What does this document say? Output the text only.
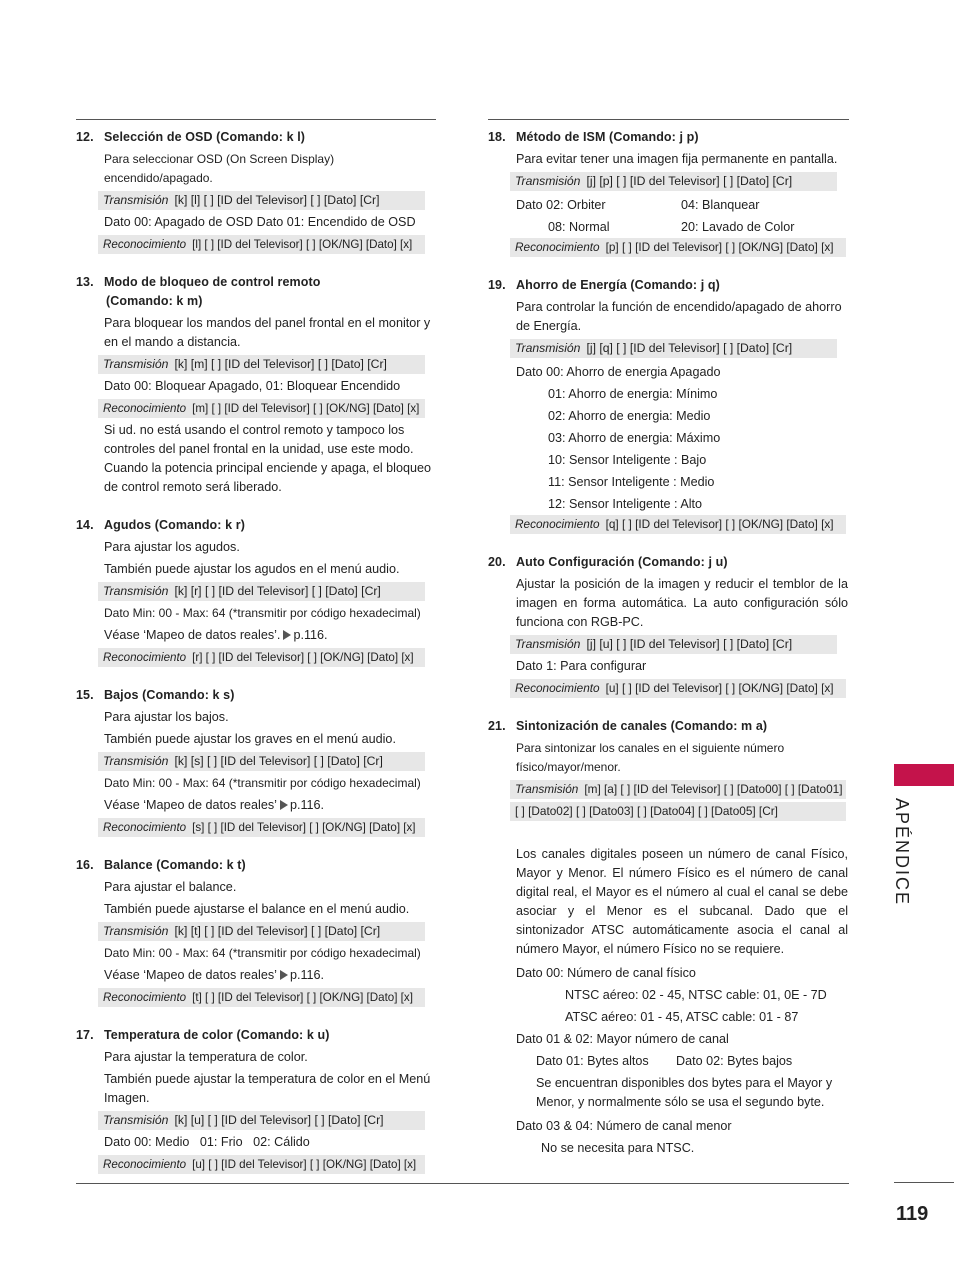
12. Selección de OSD (Comando: k l)
Para seleccionar OSD (On Screen Display) encendido/apagado.
Transmisión [k] [l] [ ] [ID del Televisor] [ ] [Dato] [Cr]
Dato 00: Apagado de OSD Dato 01: Encendido de OSD
Reconocimiento [l] [ ] [ID del Televisor] [ ] [OK/NG] [Dato] [x]
13. Modo de bloqueo de control remoto
(Comando: k m)
Para bloquear los mandos del panel frontal en el monitor y en el mando a distancia.
Transmisión [k] [m] [ ] [ID del Televisor] [ ] [Dato] [Cr]
Dato 00: Bloquear Apagado, 01: Bloquear Encendido
Reconocimiento [m] [ ] [ID del Televisor] [ ] [OK/NG] [Dato] [x]
Si ud. no está usando el control remoto y tampoco los controles del panel frontal en la unidad, use este modo. Cuando la potencia principal enciende y apaga, el bloqueo de control remoto será liberado.
14. Agudos (Comando: k r)
Para ajustar los agudos.
También puede ajustar los agudos en el menú audio.
Transmisión [k] [r] [ ] [ID del Televisor] [ ] [Dato] [Cr]
Dato Min: 00 - Max: 64 (*transmitir por código hexadecimal)
Véase ‘Mapeo de datos reales’. p.116.
Reconocimiento [r] [ ] [ID del Televisor] [ ] [OK/NG] [Dato] [x]
15. Bajos (Comando: k s)
Para ajustar los bajos.
También puede ajustar los graves en el menú audio.
Transmisión [k] [s] [ ] [ID del Televisor] [ ] [Dato] [Cr]
Dato Min: 00 - Max: 64 (*transmitir por código hexadecimal)
Véase ‘Mapeo de datos reales’ p.116.
Reconocimiento [s] [ ] [ID del Televisor] [ ] [OK/NG] [Dato] [x]
16. Balance (Comando: k t)
Para ajustar el balance.
También puede ajustarse el balance en el menú audio.
Transmisión [k] [t] [ ] [ID del Televisor] [ ] [Dato] [Cr]
Dato Min: 00 - Max: 64 (*transmitir por código hexadecimal)
Véase ‘Mapeo de datos reales’ p.116.
Reconocimiento [t] [ ] [ID del Televisor] [ ] [OK/NG] [Dato] [x]
17. Temperatura de color (Comando: k u)
Para ajustar la temperatura de color.
También puede ajustar la temperatura de color en el Menú Imagen.
Transmisión [k] [u] [ ] [ID del Televisor] [ ] [Dato] [Cr]
Dato 00: Medio   01: Frio   02: Cálido
Reconocimiento [u] [ ] [ID del Televisor] [ ] [OK/NG] [Dato] [x]
18. Método de ISM (Comando: j p)
Para evitar tener una imagen fija permanente en pantalla.
Transmisión [j] [p] [ ] [ID del Televisor] [ ] [Dato] [Cr]
Dato 02: Orbiter	04: Blanquear
08: Normal	20: Lavado de Color
Reconocimiento [p] [ ] [ID del Televisor] [ ] [OK/NG] [Dato] [x]
19. Ahorro de Energía (Comando: j q)
Para controlar la función de encendido/apagado de ahorro de Energía.
Transmisión [j] [q] [ ] [ID del Televisor] [ ] [Dato] [Cr]
Dato 00: Ahorro de energia Apagado
01: Ahorro de energia: Mínimo
02: Ahorro de energia: Medio
03: Ahorro de energia: Máximo
10: Sensor Inteligente : Bajo
11: Sensor Inteligente : Medio
12: Sensor Inteligente : Alto
Reconocimiento [q] [ ] [ID del Televisor] [ ] [OK/NG] [Dato] [x]
20. Auto Configuración (Comando: j u)
Ajustar la posición de la imagen y reducir el temblor de la imagen en forma automática. La auto configuración sólo funciona con RGB-PC.
Transmisión [j] [u] [ ] [ID del Televisor] [ ] [Dato] [Cr]
Dato 1: Para configurar
Reconocimiento [u] [ ] [ID del Televisor] [ ] [OK/NG] [Dato] [x]
21. Sintonización de canales (Comando: m a)
Para sintonizar los canales en el siguiente número físico/mayor/menor.
Transmisión [m] [a] [ ] [ID del Televisor] [ ] [Dato00] [ ] [Dato01]
[ ] [Dato02] [ ] [Dato03] [ ] [Dato04] [ ] [Dato05] [Cr]
Los canales digitales poseen un número de canal Físico, Mayor y Menor. El número Físico es el número de canal digital real, el Mayor es el número al cual el canal se debe asociar y el Menor es el subcanal. Dado que el sintonizador ATSC automáticamente asocia el canal al número Mayor, el número Físico no se requiere.
Dato 00: Número de canal físico
NTSC aéreo: 02 - 45, NTSC cable: 01, 0E - 7D
ATSC aéreo: 01 - 45, ATSC cable: 01 - 87
Dato 01 & 02: Mayor número de canal
Dato 01: Bytes altos Dato 02: Bytes bajos
Se encuentran disponibles dos bytes para el Mayor y Menor, y normalmente sólo se usa el segundo byte.
Dato 03 & 04: Número de canal menor
No se necesita para NTSC.
APÉNDICE
119
